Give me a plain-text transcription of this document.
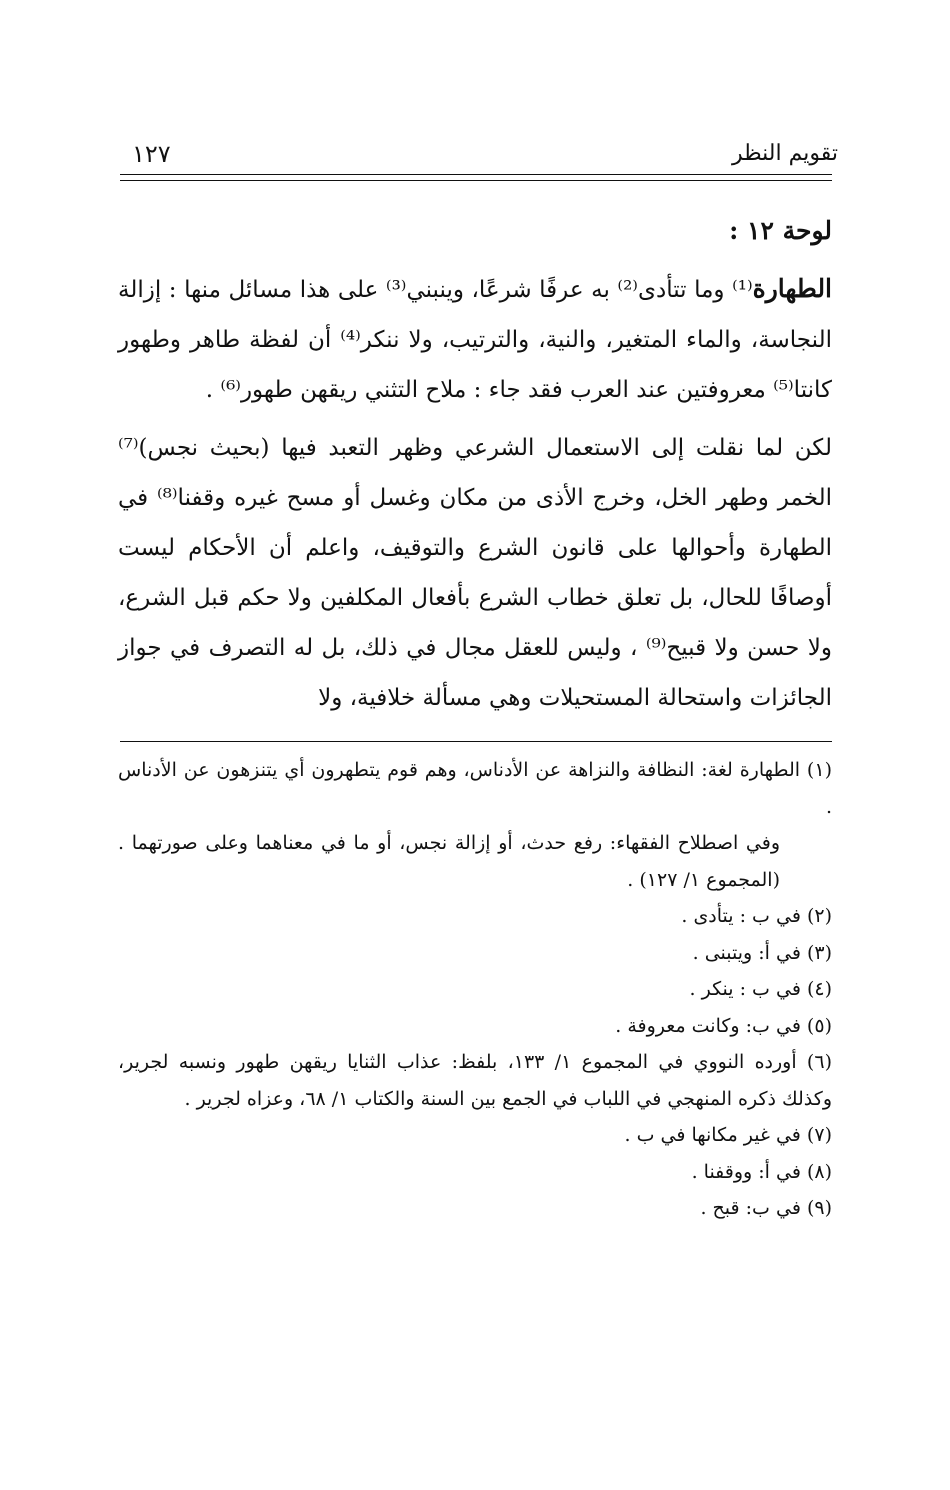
تقويم النظر
١٢٧

لوحة ١٢ :

الطهارة⁽¹⁾ وما تتأدى⁽²⁾ به عرفًا شرعًا، وينبني⁽³⁾ على هذا مسائل منها : إزالة النجاسة، والماء المتغير، والنية، والترتيب، ولا ننكر⁽⁴⁾ أن لفظة طاهر وطهور كانتا⁽⁵⁾ معروفتين عند العرب فقد جاء : ملاح التثني ريقهن طهور⁽⁶⁾ .

لكن لما نقلت إلى الاستعمال الشرعي وظهر التعبد فيها (بحيث نجس)⁽⁷⁾ الخمر وطهر الخل، وخرج الأذى من مكان وغسل أو مسح غيره وقفنا⁽⁸⁾ في الطهارة وأحوالها على قانون الشرع والتوقيف، واعلم أن الأحكام ليست أوصافًا للحال، بل تعلق خطاب الشرع بأفعال المكلفين ولا حكم قبل الشرع، ولا حسن ولا قبيح⁽⁹⁾ ، وليس للعقل مجال في ذلك، بل له التصرف في جواز الجائزات واستحالة المستحيلات وهي مسألة خلافية، ولا

(١) الطهارة لغة: النظافة والنزاهة عن الأدناس، وهم قوم يتطهرون أي يتنزهون عن الأدناس .

وفي اصطلاح الفقهاء: رفع حدث، أو إزالة نجس، أو ما في معناهما وعلى صورتهما . (المجموع ١/ ١٢٧) .

(٢) في ب : يتأدى .

(٣) في أ: ويتبنى .

(٤) في ب : ينكر .

(٥) في ب: وكانت معروفة .

(٦) أورده النووي في المجموع ١/ ١٣٣، بلفظ: عذاب الثنايا ريقهن طهور ونسبه لجرير، وكذلك ذكره المنهجي في اللباب في الجمع بين السنة والكتاب ١/ ٦٨، وعزاه لجرير .

(٧) في غير مكانها في ب .

(٨) في أ: ووقفنا .

(٩) في ب: قبح .
